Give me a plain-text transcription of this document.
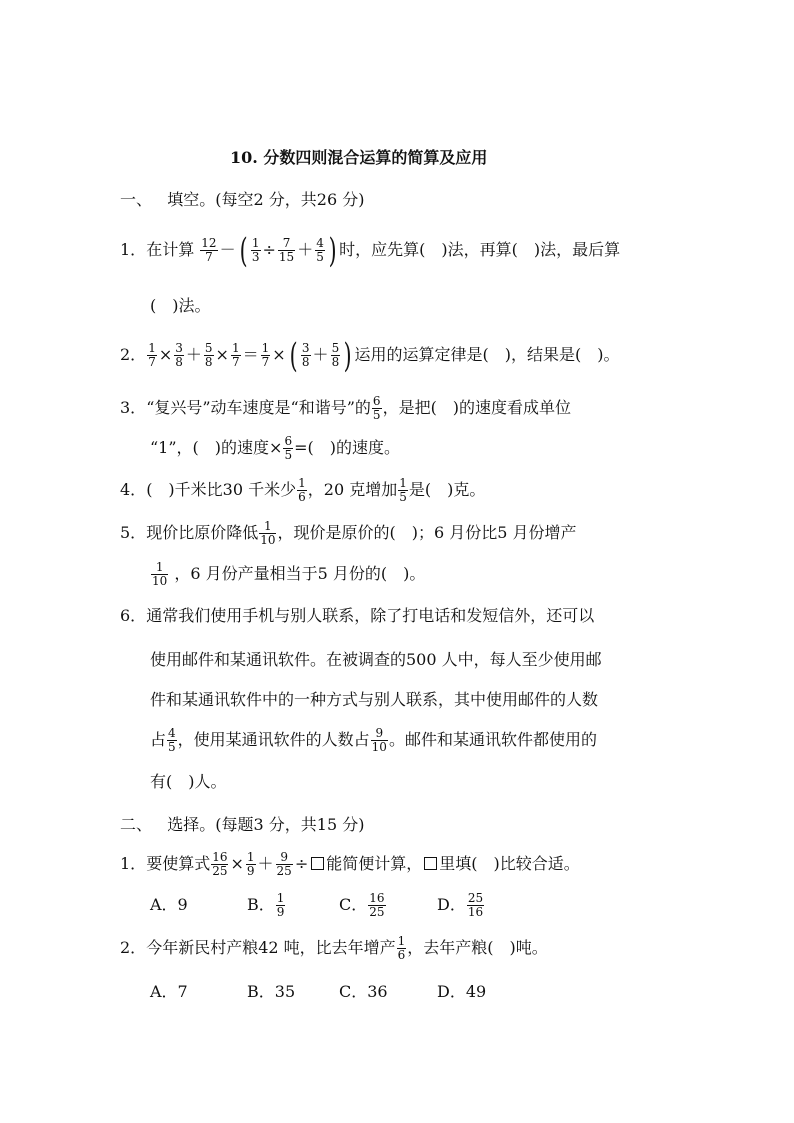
10. 分数四则混合运算的简算及应用
一、 填空。(每空2 分，共26 分)
1．在计算 $\frac{12}{7}$ － ( $\frac{1}{3} \div \frac{7}{15} + \frac{4}{5}$ ) 时，应先算(　)法，再算(　)法，最后算
(　)法。
2． $\frac{1}{7} \times \frac{3}{8} + \frac{5}{8} \times \frac{1}{7} = \frac{1}{7}$ × ( $\frac{3}{8} + \frac{5}{8}$ ) 运用的运算定律是(　)，结果是(　)。
3．“复兴号”动车速度是“和谐号”的 $\frac{6}{5}$ ，是把(　)的速度看成单位
“1”，(　)的速度× $\frac{6}{5}$ =(　)的速度。
4．(　)千米比30 千米少 $\frac{1}{6}$ ，20 克增加 $\frac{1}{5}$ 是(　)克。
5．现价比原价降低 $\frac{1}{10}$ ，现价是原价的(　)；6 月份比5 月份增产
$\frac{1}{10}$ ，6 月份产量相当于5 月份的(　)。
6．通常我们使用手机与别人联系，除了打电话和发短信外，还可以
使用邮件和某通讯软件。在被调查的500 人中，每人至少使用邮
件和某通讯软件中的一种方式与别人联系，其中使用邮件的人数
占 $\frac{4}{5}$ ，使用某通讯软件的人数占 $\frac{9}{10}$ 。邮件和某通讯软件都使用的
有(　)人。
二、 选择。(每题3 分，共15 分)
1．要使算式 $\frac{16}{25} \times \frac{1}{9} + \frac{9}{25}$ ÷ 能简便计算， 里填(　)比较合适。
A．9	B． $\frac{1}{9}$	C． $\frac{16}{25}$	D． $\frac{25}{16}$
2．今年新民村产粮42 吨，比去年增产 $\frac{1}{6}$ ，去年产粮(　)吨。
A．7	B．35	C．36	D．49
